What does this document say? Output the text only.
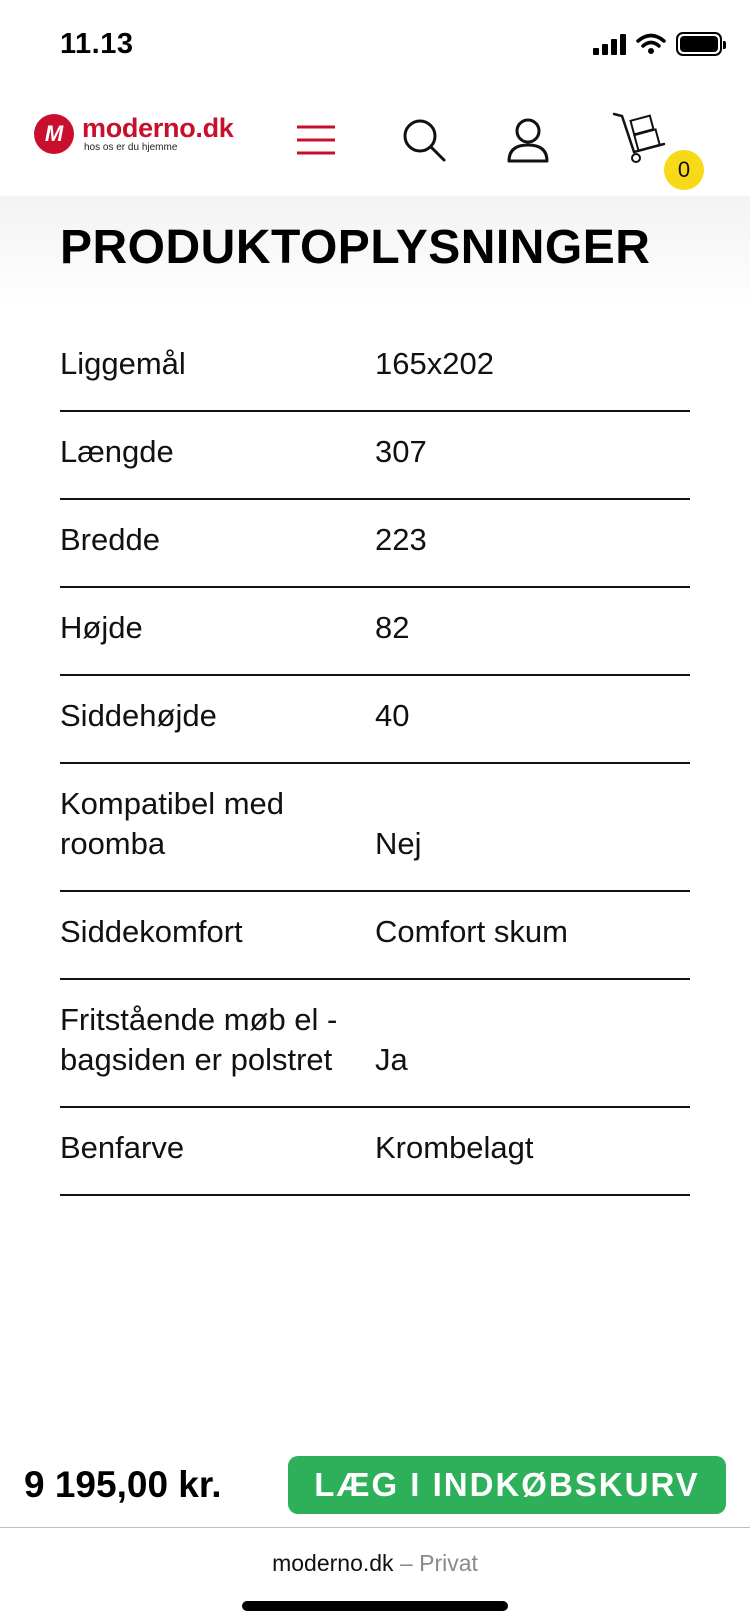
11.13
M moderno.dk
hos os er du hjemme
0
PRODUKTOPLYSNINGER
Liggemål	165x202
Længde	307
Bredde	223
Højde	82
Siddehøjde	40
Kompatibel med roomba	Nej
Siddekomfort	Comfort skum
Fritstående møb el - bagsiden er polstret	Ja
Benfarve	Krombelagt
9 195,00 kr.	LÆG I INDKØBSKURV
moderno.dk – Privat
